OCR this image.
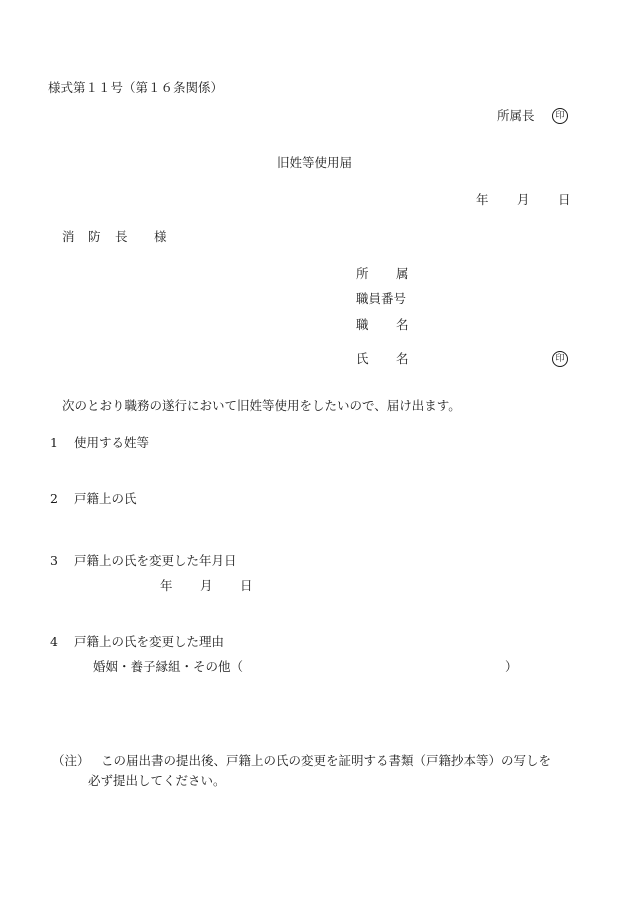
様式第１１号（第１６条関係）
所属長	印
旧姓等使用届
年 月 日
消 防 長 様
所 属
職員番号
職 名
氏 名	印
次のとおり職務の遂行において旧姓等使用をしたいので、届け出ます。
1 使用する姓等
2 戸籍上の氏
3 戸籍上の氏を変更した年月日
年 月 日
4 戸籍上の氏を変更した理由
婚姻・養子縁組・その他（	）
（注） この届出書の提出後、戸籍上の氏の変更を証明する書類（戸籍抄本等）の写しを
必ず提出してください。
